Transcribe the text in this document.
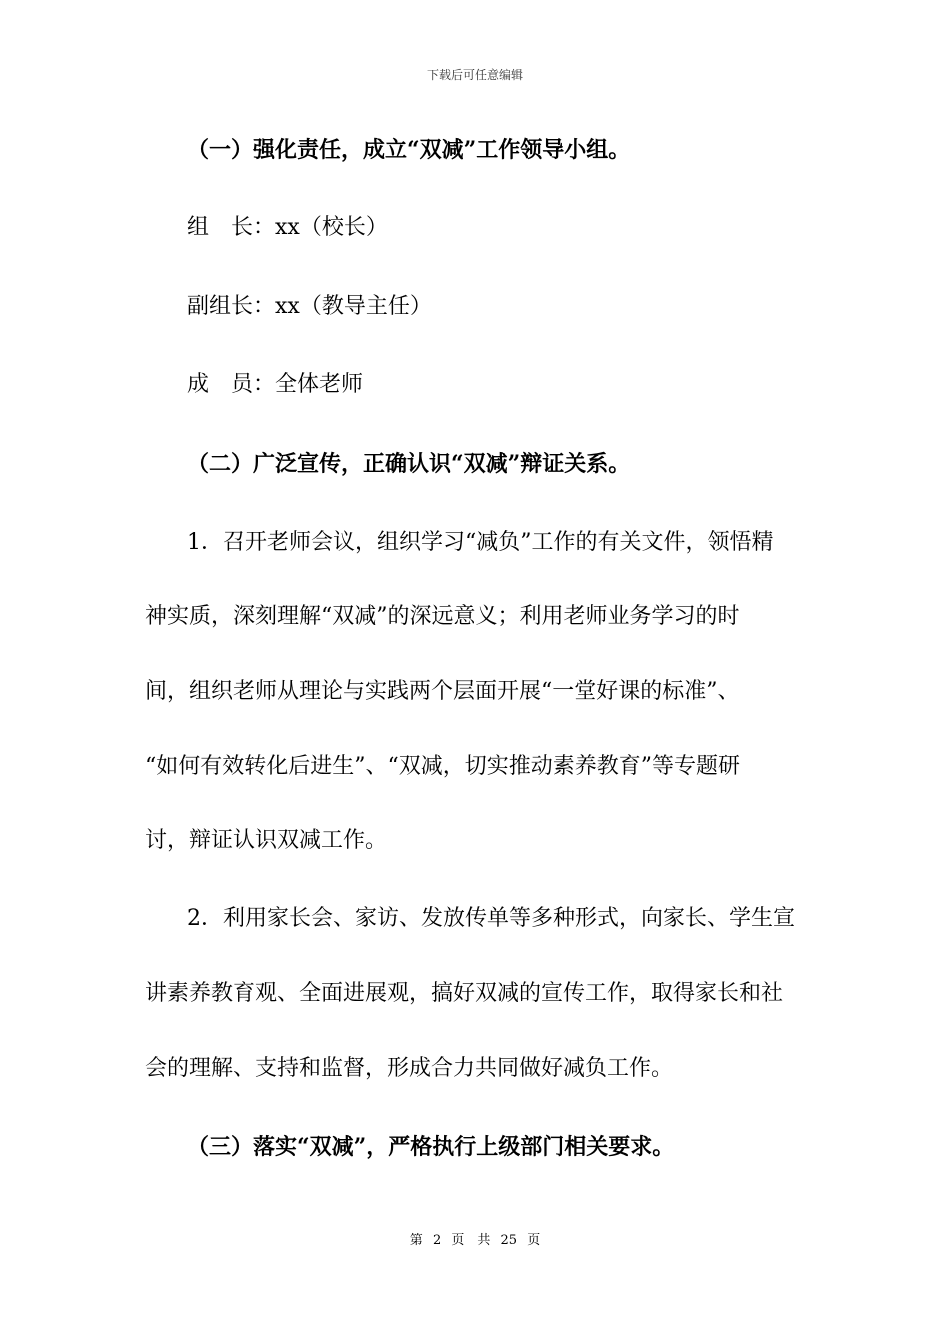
下载后可任意编辑
（一）强化责任，成立“双减”工作领导小组。
组　长：xx（校长）
副组长：xx（教导主任）
成　员：全体老师
（二）广泛宣传，正确认识“双减”辩证关系。
1．召开老师会议，组织学习“减负”工作的有关文件，领悟精
神实质，深刻理解“双减”的深远意义；利用老师业务学习的时
间，组织老师从理论与实践两个层面开展“一堂好课的标准”、
“如何有效转化后进生”、“双减，切实推动素养教育”等专题研
讨，辩证认识双减工作。
2．利用家长会、家访、发放传单等多种形式，向家长、学生宣
讲素养教育观、全面进展观，搞好双减的宣传工作，取得家长和社
会的理解、支持和监督，形成合力共同做好减负工作。
（三）落实“双减”，严格执行上级部门相关要求。
第 2 页　共 25 页
